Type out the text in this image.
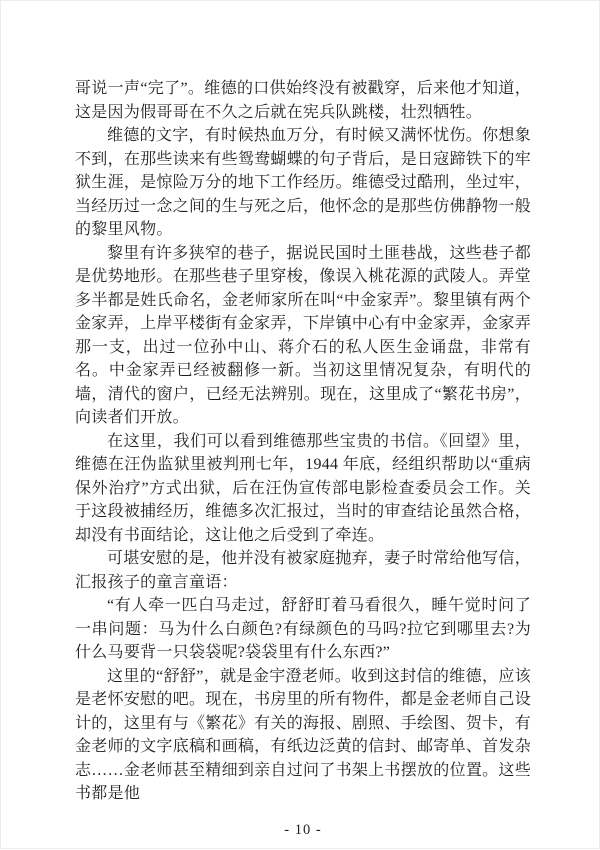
哥说一声“完了”。维德的口供始终没有被戳穿，后来他才知道，这是因为假哥哥在不久之后就在宪兵队跳楼，壮烈牺牲。

维德的文字，有时候热血万分，有时候又满怀忧伤。你想象不到，在那些读来有些鸳鸯蝴蝶的句子背后，是日寇蹄铁下的牢狱生涯，是惊险万分的地下工作经历。维德受过酷刑，坐过牢，当经历过一念之间的生与死之后，他怀念的是那些仿佛静物一般的黎里风物。

黎里有许多狭窄的巷子，据说民国时土匪巷战，这些巷子都是优势地形。在那些巷子里穿梭，像误入桃花源的武陵人。弄堂多半都是姓氏命名，金老师家所在叫“中金家弄”。黎里镇有两个金家弄，上岸平楼街有金家弄，下岸镇中心有中金家弄，金家弄那一支，出过一位孙中山、蒋介石的私人医生金诵盘，非常有名。中金家弄已经被翻修一新。当初这里情况复杂，有明代的墙，清代的窗户，已经无法辨别。现在，这里成了“繁花书房”，向读者们开放。

在这里，我们可以看到维德那些宝贵的书信。《回望》里，维德在汪伪监狱里被判刑七年，1944 年底，经组织帮助以“重病保外治疗”方式出狱，后在汪伪宣传部电影检查委员会工作。关于这段被捕经历，维德多次汇报过，当时的审查结论虽然合格，却没有书面结论，这让他之后受到了牵连。

可堪安慰的是，他并没有被家庭抛弃，妻子时常给他写信，汇报孩子的童言童语：

“有人牵一匹白马走过，舒舒盯着马看很久，睡午觉时问了一串问题：马为什么白颜色?有绿颜色的马吗?拉它到哪里去?为什么马要背一只袋袋呢?袋袋里有什么东西?”

这里的“舒舒”，就是金宇澄老师。收到这封信的维德，应该是老怀安慰的吧。现在，书房里的所有物件，都是金老师自己设计的，这里有与《繁花》有关的海报、剧照、手绘图、贺卡，有金老师的文字底稿和画稿，有纸边泛黄的信封、邮寄单、首发杂志……金老师甚至精细到亲自过问了书架上书摆放的位置。这些书都是他

- 10 -
